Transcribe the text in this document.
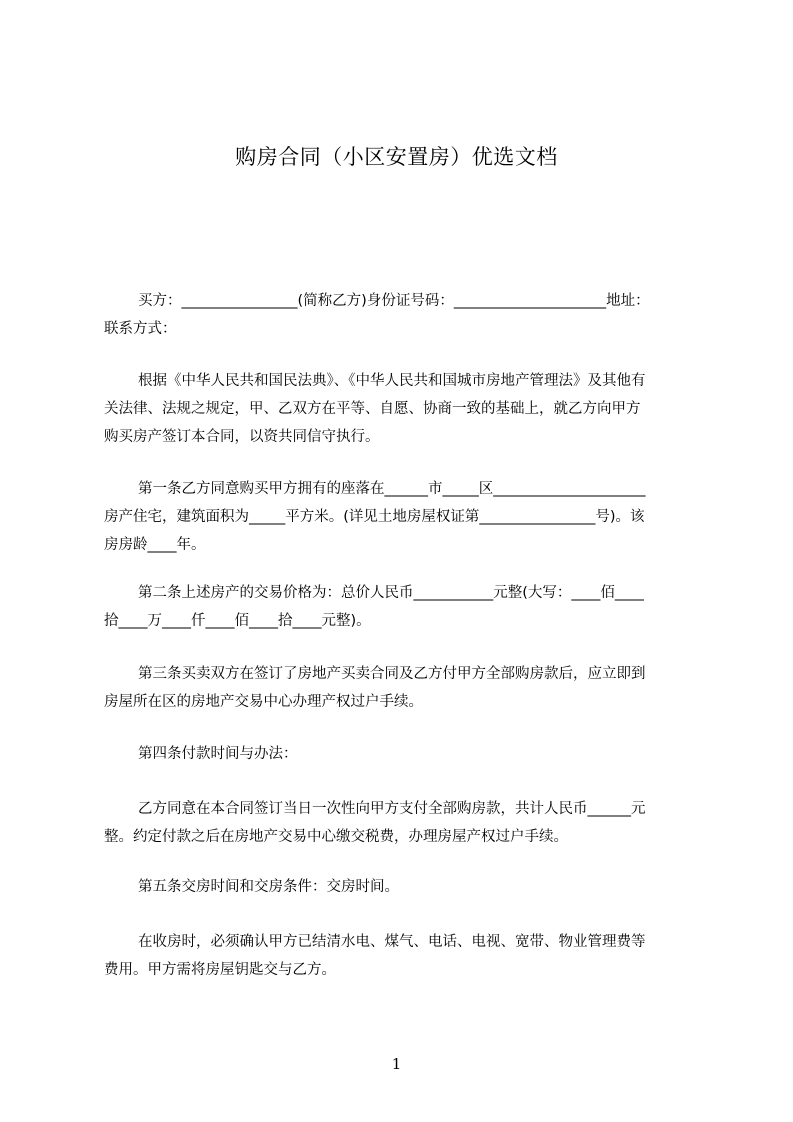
购房合同（小区安置房）优选文档
买方：________________(简称乙方)身份证号码：_____________________地址：
联系方式：
根据《中华人民共和国民法典》、《中华人民共和国城市房地产管理法》及其他有
关法律、法规之规定，甲、乙双方在平等、自愿、协商一致的基础上，就乙方向甲方
购买房产签订本合同，以资共同信守执行。
第一条乙方同意购买甲方拥有的座落在______市_____区_____________________
房产住宅，建筑面积为_____平方米。(详见土地房屋权证第________________号)。该
房房龄____年。
第二条上述房产的交易价格为：总价人民币___________元整(大写：____佰____
拾____万____仟____佰____拾____元整)。
第三条买卖双方在签订了房地产买卖合同及乙方付甲方全部购房款后，应立即到
房屋所在区的房地产交易中心办理产权过户手续。
第四条付款时间与办法：
乙方同意在本合同签订当日一次性向甲方支付全部购房款，共计人民币______元
整。约定付款之后在房地产交易中心缴交税费，办理房屋产权过户手续。
第五条交房时间和交房条件：交房时间。
在收房时，必须确认甲方已结清水电、煤气、电话、电视、宽带、物业管理费等
费用。甲方需将房屋钥匙交与乙方。
1
